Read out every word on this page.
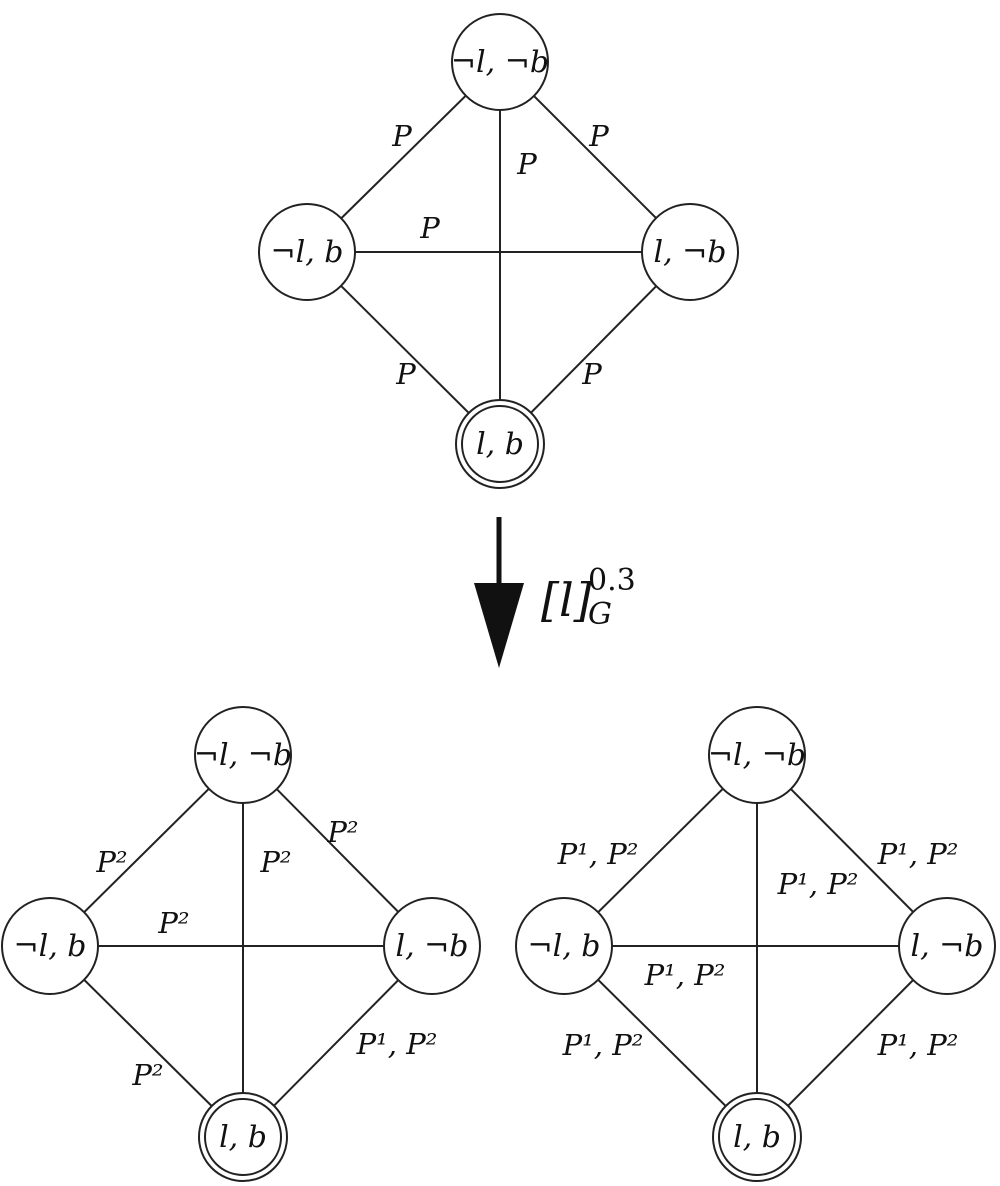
[l]
0.3
G
P	P
P
P
P	P
¬l, ¬b
¬l, b	l, ¬b
l, b
P²
P²
P²
P²
P²
P¹, P²
¬l, ¬b
¬l, b	l, ¬b
l, b
P¹, P²	P¹, P²
P¹, P²
P¹, P²
P¹, P²	P¹, P²
¬l, ¬b
¬l, b	l, ¬b
l, b
